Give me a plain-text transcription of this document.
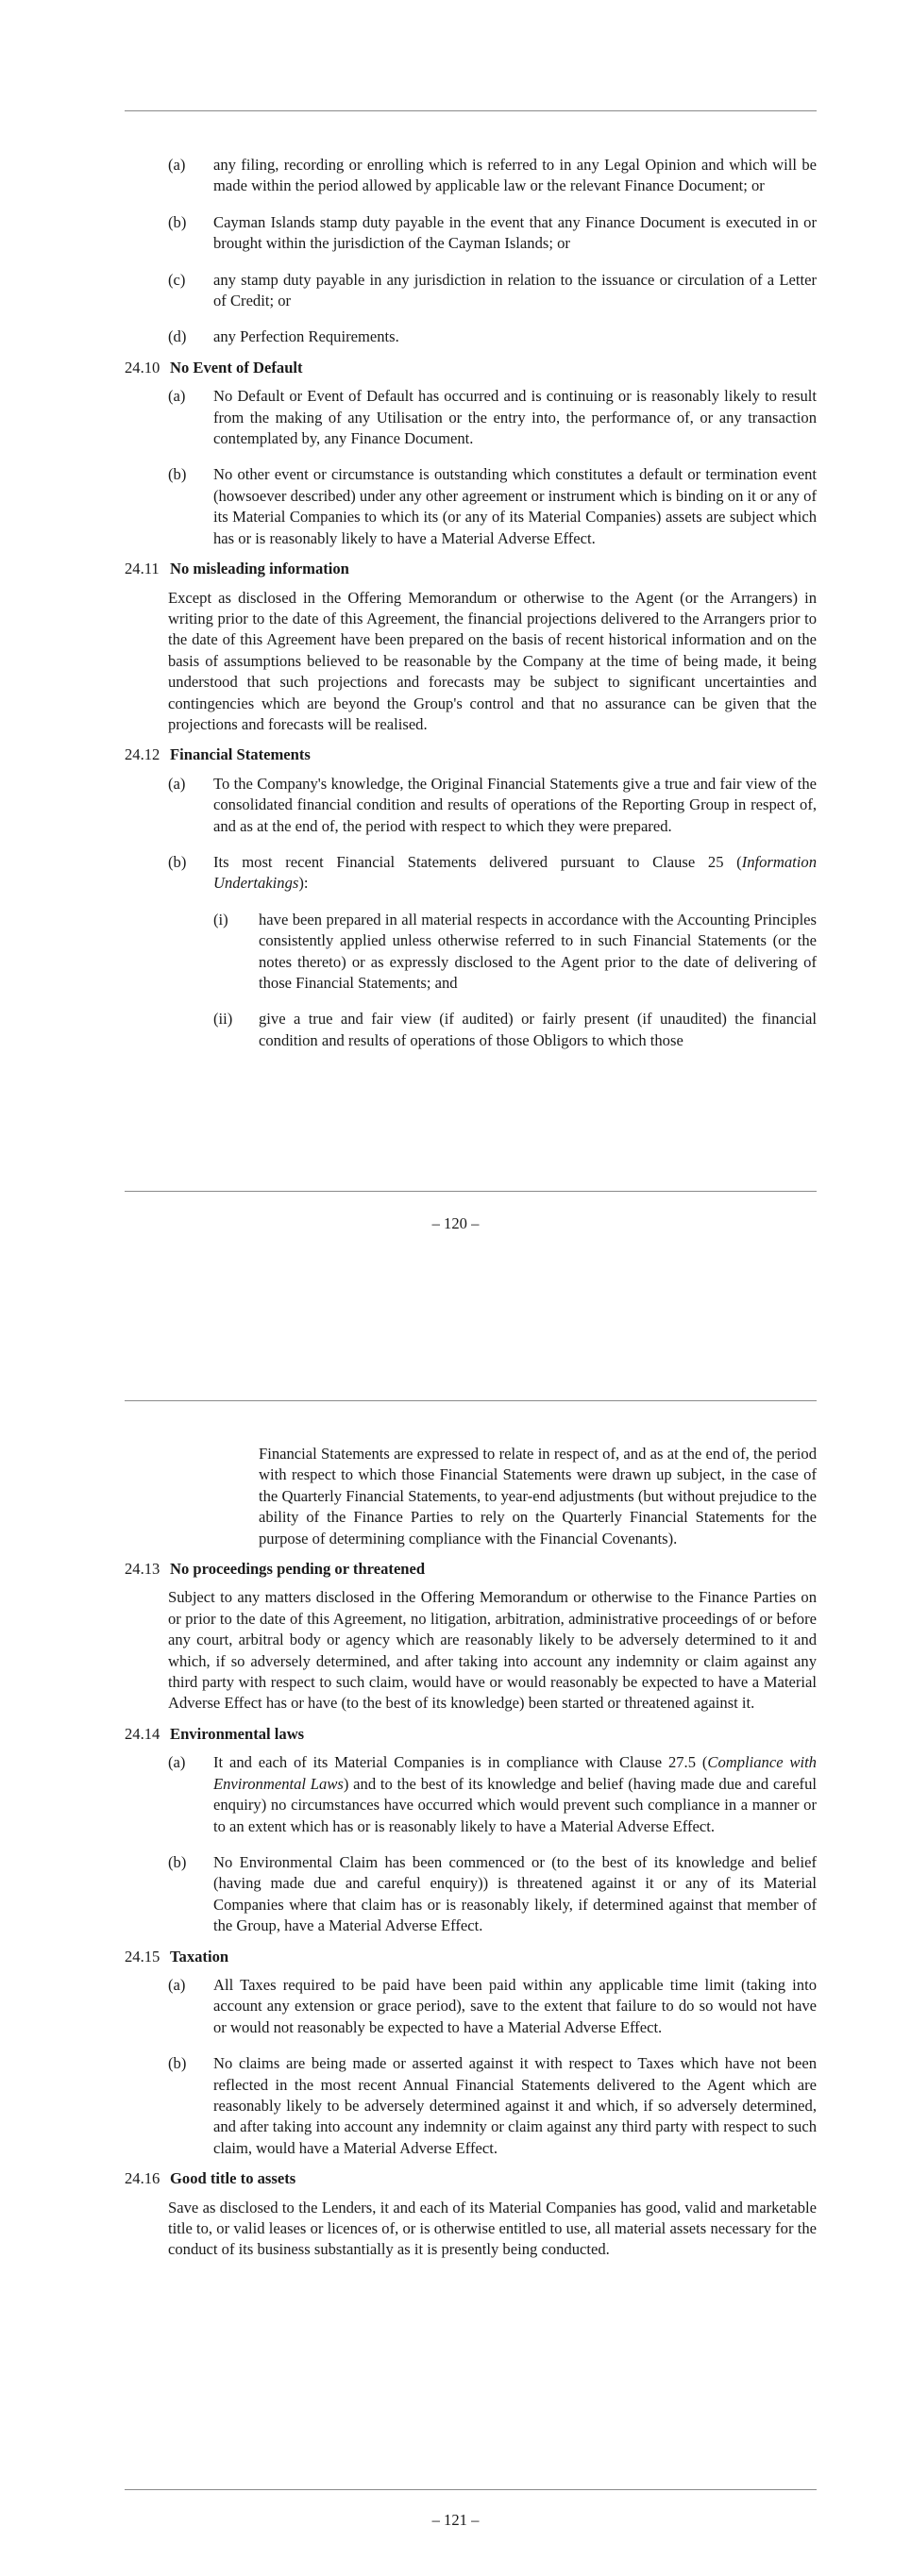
(a)	any filing, recording or enrolling which is referred to in any Legal Opinion and which will be made within the period allowed by applicable law or the relevant Finance Document; or
(b)	Cayman Islands stamp duty payable in the event that any Finance Document is executed in or brought within the jurisdiction of the Cayman Islands; or
(c)	any stamp duty payable in any jurisdiction in relation to the issuance or circulation of a Letter of Credit; or
(d)	any Perfection Requirements.
24.10 No Event of Default
(a)	No Default or Event of Default has occurred and is continuing or is reasonably likely to result from the making of any Utilisation or the entry into, the performance of, or any transaction contemplated by, any Finance Document.
(b)	No other event or circumstance is outstanding which constitutes a default or termination event (howsoever described) under any other agreement or instrument which is binding on it or any of its Material Companies to which its (or any of its Material Companies) assets are subject which has or is reasonably likely to have a Material Adverse Effect.
24.11 No misleading information
Except as disclosed in the Offering Memorandum or otherwise to the Agent (or the Arrangers) in writing prior to the date of this Agreement, the financial projections delivered to the Arrangers prior to the date of this Agreement have been prepared on the basis of recent historical information and on the basis of assumptions believed to be reasonable by the Company at the time of being made, it being understood that such projections and forecasts may be subject to significant uncertainties and contingencies which are beyond the Group's control and that no assurance can be given that the projections and forecasts will be realised.
24.12 Financial Statements
(a)	To the Company's knowledge, the Original Financial Statements give a true and fair view of the consolidated financial condition and results of operations of the Reporting Group in respect of, and as at the end of, the period with respect to which they were prepared.
(b)	Its most recent Financial Statements delivered pursuant to Clause 25 (Information Undertakings):
(i)	have been prepared in all material respects in accordance with the Accounting Principles consistently applied unless otherwise referred to in such Financial Statements (or the notes thereto) or as expressly disclosed to the Agent prior to the date of delivering of those Financial Statements; and
(ii)	give a true and fair view (if audited) or fairly present (if unaudited) the financial condition and results of operations of those Obligors to which those
– 120 –
Financial Statements are expressed to relate in respect of, and as at the end of, the period with respect to which those Financial Statements were drawn up subject, in the case of the Quarterly Financial Statements, to year-end adjustments (but without prejudice to the ability of the Finance Parties to rely on the Quarterly Financial Statements for the purpose of determining compliance with the Financial Covenants).
24.13 No proceedings pending or threatened
Subject to any matters disclosed in the Offering Memorandum or otherwise to the Finance Parties on or prior to the date of this Agreement, no litigation, arbitration, administrative proceedings of or before any court, arbitral body or agency which are reasonably likely to be adversely determined to it and which, if so adversely determined, and after taking into account any indemnity or claim against any third party with respect to such claim, would have or would reasonably be expected to have a Material Adverse Effect has or have (to the best of its knowledge) been started or threatened against it.
24.14 Environmental laws
(a)	It and each of its Material Companies is in compliance with Clause 27.5 (Compliance with Environmental Laws) and to the best of its knowledge and belief (having made due and careful enquiry) no circumstances have occurred which would prevent such compliance in a manner or to an extent which has or is reasonably likely to have a Material Adverse Effect.
(b)	No Environmental Claim has been commenced or (to the best of its knowledge and belief (having made due and careful enquiry)) is threatened against it or any of its Material Companies where that claim has or is reasonably likely, if determined against that member of the Group, have a Material Adverse Effect.
24.15 Taxation
(a)	All Taxes required to be paid have been paid within any applicable time limit (taking into account any extension or grace period), save to the extent that failure to do so would not have or would not reasonably be expected to have a Material Adverse Effect.
(b)	No claims are being made or asserted against it with respect to Taxes which have not been reflected in the most recent Annual Financial Statements delivered to the Agent which are reasonably likely to be adversely determined against it and which, if so adversely determined, and after taking into account any indemnity or claim against any third party with respect to such claim, would have a Material Adverse Effect.
24.16 Good title to assets
Save as disclosed to the Lenders, it and each of its Material Companies has good, valid and marketable title to, or valid leases or licences of, or is otherwise entitled to use, all material assets necessary for the conduct of its business substantially as it is presently being conducted.
– 121 –
